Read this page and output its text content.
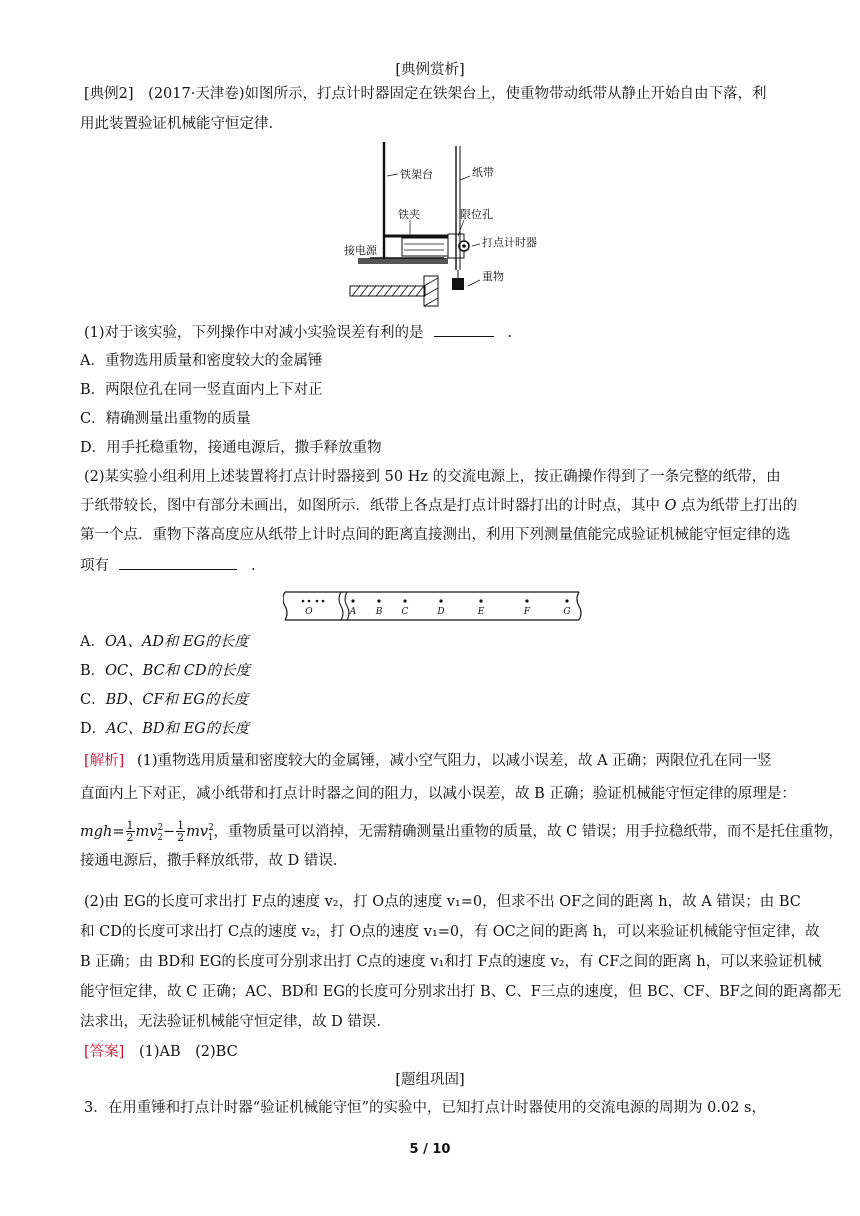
[典例赏析]
[典例2] (2017·天津卷)如图所示，打点计时器固定在铁架台上，使重物带动纸带从静止开始自由下落，利
用此装置验证机械能守恒定律.
铁架台	纸带
铁夹	限位孔
接电源
打点计时器
重物
(1)对于该实验，下列操作中对减小实验误差有利的是	.
A．重物选用质量和密度较大的金属锤
B．两限位孔在同一竖直面内上下对正
C．精确测量出重物的质量
D．用手托稳重物，接通电源后，撒手释放重物
(2)某实验小组利用上述装置将打点计时器接到 50 Hz 的交流电源上，按正确操作得到了一条完整的纸带，由
于纸带较长，图中有部分未画出，如图所示．纸带上各点是打点计时器打出的计时点，其中 O 点为纸带上打出的
第一个点．重物下落高度应从纸带上计时点间的距离直接测出，利用下列测量值能完成验证机械能守恒定律的选
项有	.
O	A B C	D	E	F	G
A．OA、AD和 EG的长度
B．OC、BC和 CD的长度
C．BD、CF和 EG的长度
D．AC、BD和 EG的长度
[解析] (1)重物选用质量和密度较大的金属锤，减小空气阻力，以减小误差，故 A 正确；两限位孔在同一竖
直面内上下对正，减小纸带和打点计时器之间的阻力，以减小误差，故 B 正确；验证机械能守恒定律的原理是：
$mgh= \frac{1}{2} mv^2_2- \frac{1}{2} mv^2_1$，重物质量可以消掉，无需精确测量出重物的质量，故 C 错误；用手拉稳纸带，而不是托住重物，
接通电源后，撒手释放纸带，故 D 错误.
(2)由 EG的长度可求出打 F点的速度 v₂，打 O点的速度 v₁=0，但求不出 OF之间的距离 h，故 A 错误；由 BC
和 CD的长度可求出打 C点的速度 v₂，打 O点的速度 v₁=0，有 OC之间的距离 h，可以来验证机械能守恒定律，故
B 正确；由 BD和 EG的长度可分别求出打 C点的速度 v₁和打 F点的速度 v₂，有 CF之间的距离 h，可以来验证机械
能守恒定律，故 C 正确；AC、BD和 EG的长度可分别求出打 B、C、F三点的速度，但 BC、CF、BF之间的距离都无
法求出，无法验证机械能守恒定律，故 D 错误.
[答案] (1)AB　(2)BC
[题组巩固]
3．在用重锤和打点计时器“验证机械能守恒”的实验中，已知打点计时器使用的交流电源的周期为 0.02 s，
5 / 10
